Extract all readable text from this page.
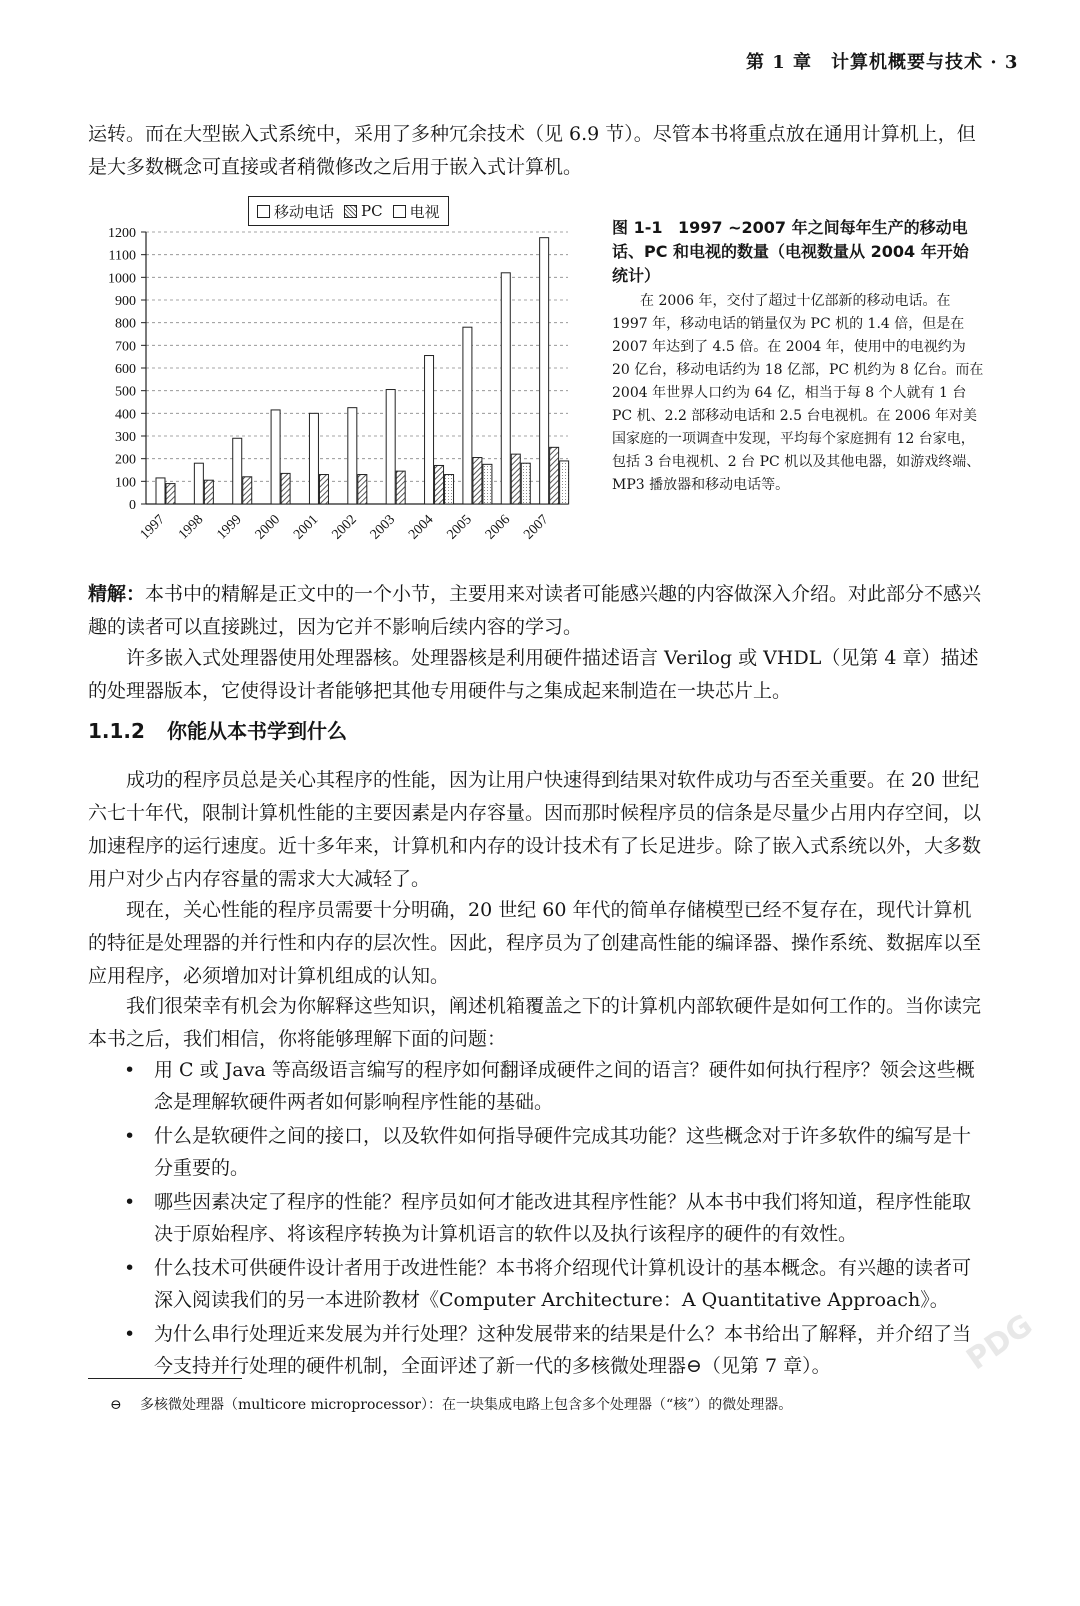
第 1 章　计算机概要与技术 · 3

运转。而在大型嵌入式系统中，采用了多种冗余技术（见 6.9 节）。尽管本书将重点放在通用计算机上，但是大多数概念可直接或者稍微修改之后用于嵌入式计算机。

移动电话 PC 电视
0
100
200
300
400
500
600
700
800
900
1000
1100
1200
1997 1998 1999 2000 2001 2002 2003 2004 2005 2006 2007
图 1-1 1997 ~2007 年之间每年生产的移动电话、PC 和电视的数量（电视数量从 2004 年开始统计）
在 2006 年，交付了超过十亿部新的移动电话。在 1997 年，移动电话的销量仅为 PC 机的 1.4 倍，但是在 2007 年达到了 4.5 倍。在 2004 年，使用中的电视约为 20 亿台，移动电话约为 18 亿部，PC 机约为 8 亿台。而在 2004 年世界人口约为 64 亿，相当于每 8 个人就有 1 台 PC 机、2.2 部移动电话和 2.5 台电视机。在 2006 年对美国家庭的一项调查中发现，平均每个家庭拥有 12 台家电，包括 3 台电视机、2 台 PC 机以及其他电器，如游戏终端、MP3 播放器和移动电话等。

精解：本书中的精解是正文中的一个小节，主要用来对读者可能感兴趣的内容做深入介绍。对此部分不感兴趣的读者可以直接跳过，因为它并不影响后续内容的学习。

许多嵌入式处理器使用处理器核。处理器核是利用硬件描述语言 Verilog 或 VHDL（见第 4 章）描述的处理器版本，它使得设计者能够把其他专用硬件与之集成起来制造在一块芯片上。

1.1.2 你能从本书学到什么

成功的程序员总是关心其程序的性能，因为让用户快速得到结果对软件成功与否至关重要。在 20 世纪六七十年代，限制计算机性能的主要因素是内存容量。因而那时候程序员的信条是尽量少占用内存空间，以加速程序的运行速度。近十多年来，计算机和内存的设计技术有了长足进步。除了嵌入式系统以外，大多数用户对少占内存容量的需求大大减轻了。

现在，关心性能的程序员需要十分明确，20 世纪 60 年代的简单存储模型已经不复存在，现代计算机的特征是处理器的并行性和内存的层次性。因此，程序员为了创建高性能的编译器、操作系统、数据库以至应用程序，必须增加对计算机组成的认知。

我们很荣幸有机会为你解释这些知识，阐述机箱覆盖之下的计算机内部软硬件是如何工作的。当你读完本书之后，我们相信，你将能够理解下面的问题：

• 用 C 或 Java 等高级语言编写的程序如何翻译成硬件之间的语言？硬件如何执行程序？领会这些概念是理解软硬件两者如何影响程序性能的基础。
• 什么是软硬件之间的接口，以及软件如何指导硬件完成其功能？这些概念对于许多软件的编写是十分重要的。
• 哪些因素决定了程序的性能？程序员如何才能改进其程序性能？从本书中我们将知道，程序性能取决于原始程序、将该程序转换为计算机语言的软件以及执行该程序的硬件的有效性。
• 什么技术可供硬件设计者用于改进性能？本书将介绍现代计算机设计的基本概念。有兴趣的读者可深入阅读我们的另一本进阶教材《Computer Architecture：A Quantitative Approach》。
• 为什么串行处理近来发展为并行处理？这种发展带来的结果是什么？本书给出了解释，并介绍了当今支持并行处理的硬件机制，全面评述了新一代的多核微处理器⊖（见第 7 章）。
⊖ 多核微处理器（multicore microprocessor）：在一块集成电路上包含多个处理器（“核”）的微处理器。
PDG
